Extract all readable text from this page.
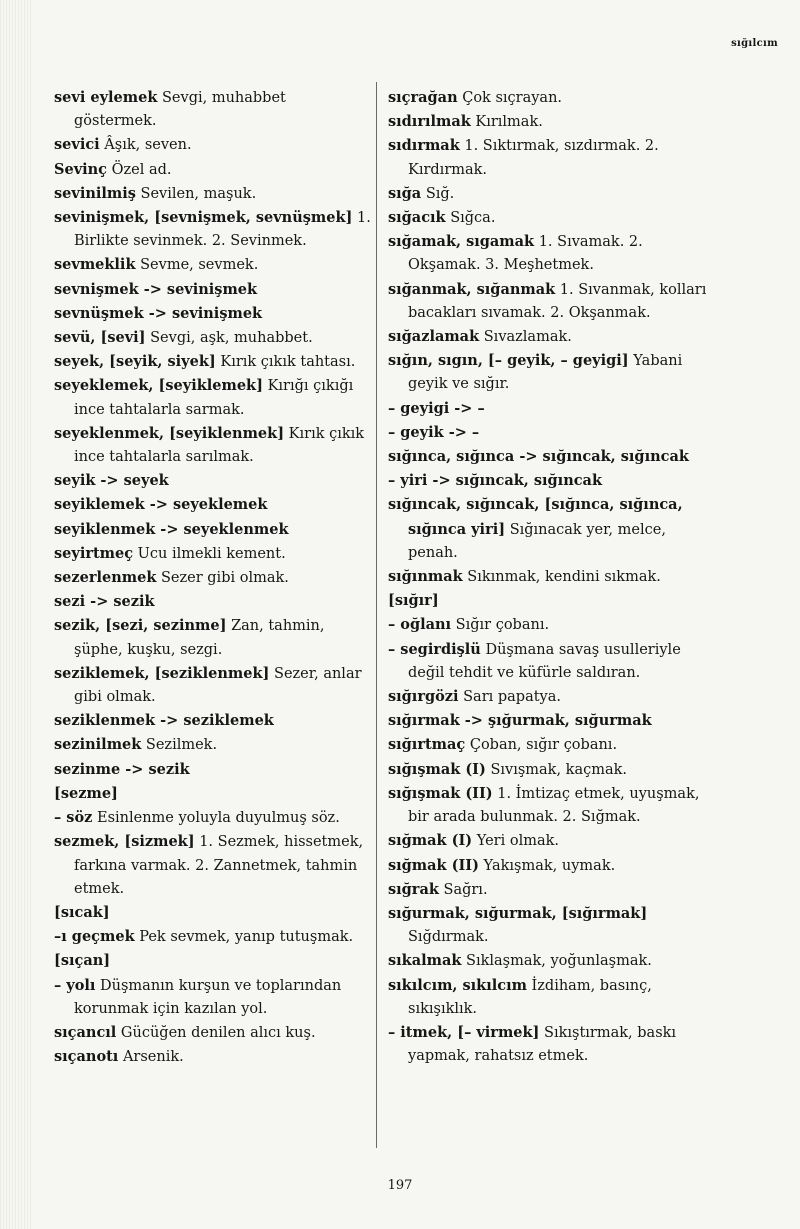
sığılcım

sevi eylemek Sevgi, muhabbet göstermek.

sevici Âşık, seven.

Sevinç Özel ad.

sevinilmiş Sevilen, maşuk.

sevinişmek, [sevnişmek, sevnüşmek] 1. Birlikte sevinmek. 2. Sevinmek.

sevmeklik Sevme, sevmek.

sevnişmek -> sevinişmek

sevnüşmek -> sevinişmek

sevü, [sevi] Sevgi, aşk, muhabbet.

seyek, [seyik, siyek] Kırık çıkık tahtası.

seyeklemek, [seyiklemek] Kırığı çıkığı ince tahtalarla sarmak.

seyeklenmek, [seyiklenmek] Kırık çıkık ince tahtalarla sarılmak.

seyik -> seyek

seyiklemek -> seyeklemek

seyiklenmek -> seyeklenmek

seyirtmeç Ucu ilmekli kement.

sezerlenmek Sezer gibi olmak.

sezi -> sezik

sezik, [sezi, sezinme] Zan, tahmin, şüphe, kuşku, sezgi.

seziklemek, [seziklenmek] Sezer, anlar gibi olmak.

seziklenmek -> seziklemek

sezinilmek Sezilmek.

sezinme -> sezik

[sezme]

– söz Esinlenme yoluyla duyulmuş söz.

sezmek, [sizmek] 1. Sezmek, hissetmek, farkına varmak. 2. Zannetmek, tahmin etmek.

[sıcak]

–ı geçmek Pek sevmek, yanıp tutuşmak.

[sıçan]

– yolı Düşmanın kurşun ve toplarından korunmak için kazılan yol.

sıçancıl Gücüğen denilen alıcı kuş.

sıçanotı Arsenik.

sıçrağan Çok sıçrayan.

sıdırılmak Kırılmak.

sıdırmak 1. Sıktırmak, sızdırmak. 2. Kırdırmak.

sığa Sığ.

sığacık Sığca.

sığamak, sıgamak 1. Sıvamak. 2. Okşamak. 3. Meşhetmek.

sığanmak, sığanmak 1. Sıvanmak, kolları bacakları sıvamak. 2. Okşanmak.

sığazlamak Sıvazlamak.

sığın, sıgın, [– geyik, – geyigi] Yabani geyik ve sığır.

– geyigi -> –

– geyik -> –

sığınca, sığınca -> sığıncak, sığıncak

– yiri -> sığıncak, sığıncak

sığıncak, sığıncak, [sığınca, sığınca, sığınca yiri] Sığınacak yer, melce, penah.

sığınmak Sıkınmak, kendini sıkmak.

[sığır]

– oğlanı Sığır çobanı.

– segirdişlü Düşmana savaş usulleriyle değil tehdit ve küfürle saldıran.

sığırgözi Sarı papatya.

sığırmak -> şığurmak, sığurmak

sığırtmaç Çoban, sığır çobanı.

sığışmak (I) Sıvışmak, kaçmak.

sığışmak (II) 1. İmtizaç etmek, uyuşmak, bir arada bulunmak. 2. Sığmak.

sığmak (I) Yeri olmak.

sığmak (II) Yakışmak, uymak.

sığrak Sağrı.

sığurmak, sığurmak, [sığırmak] Sığdırmak.

sıkalmak Sıklaşmak, yoğunlaşmak.

sıkılcım, sıkılcım İzdiham, basınç, sıkışıklık.

– itmek, [– virmek] Sıkıştırmak, baskı yapmak, rahatsız etmek.

197
